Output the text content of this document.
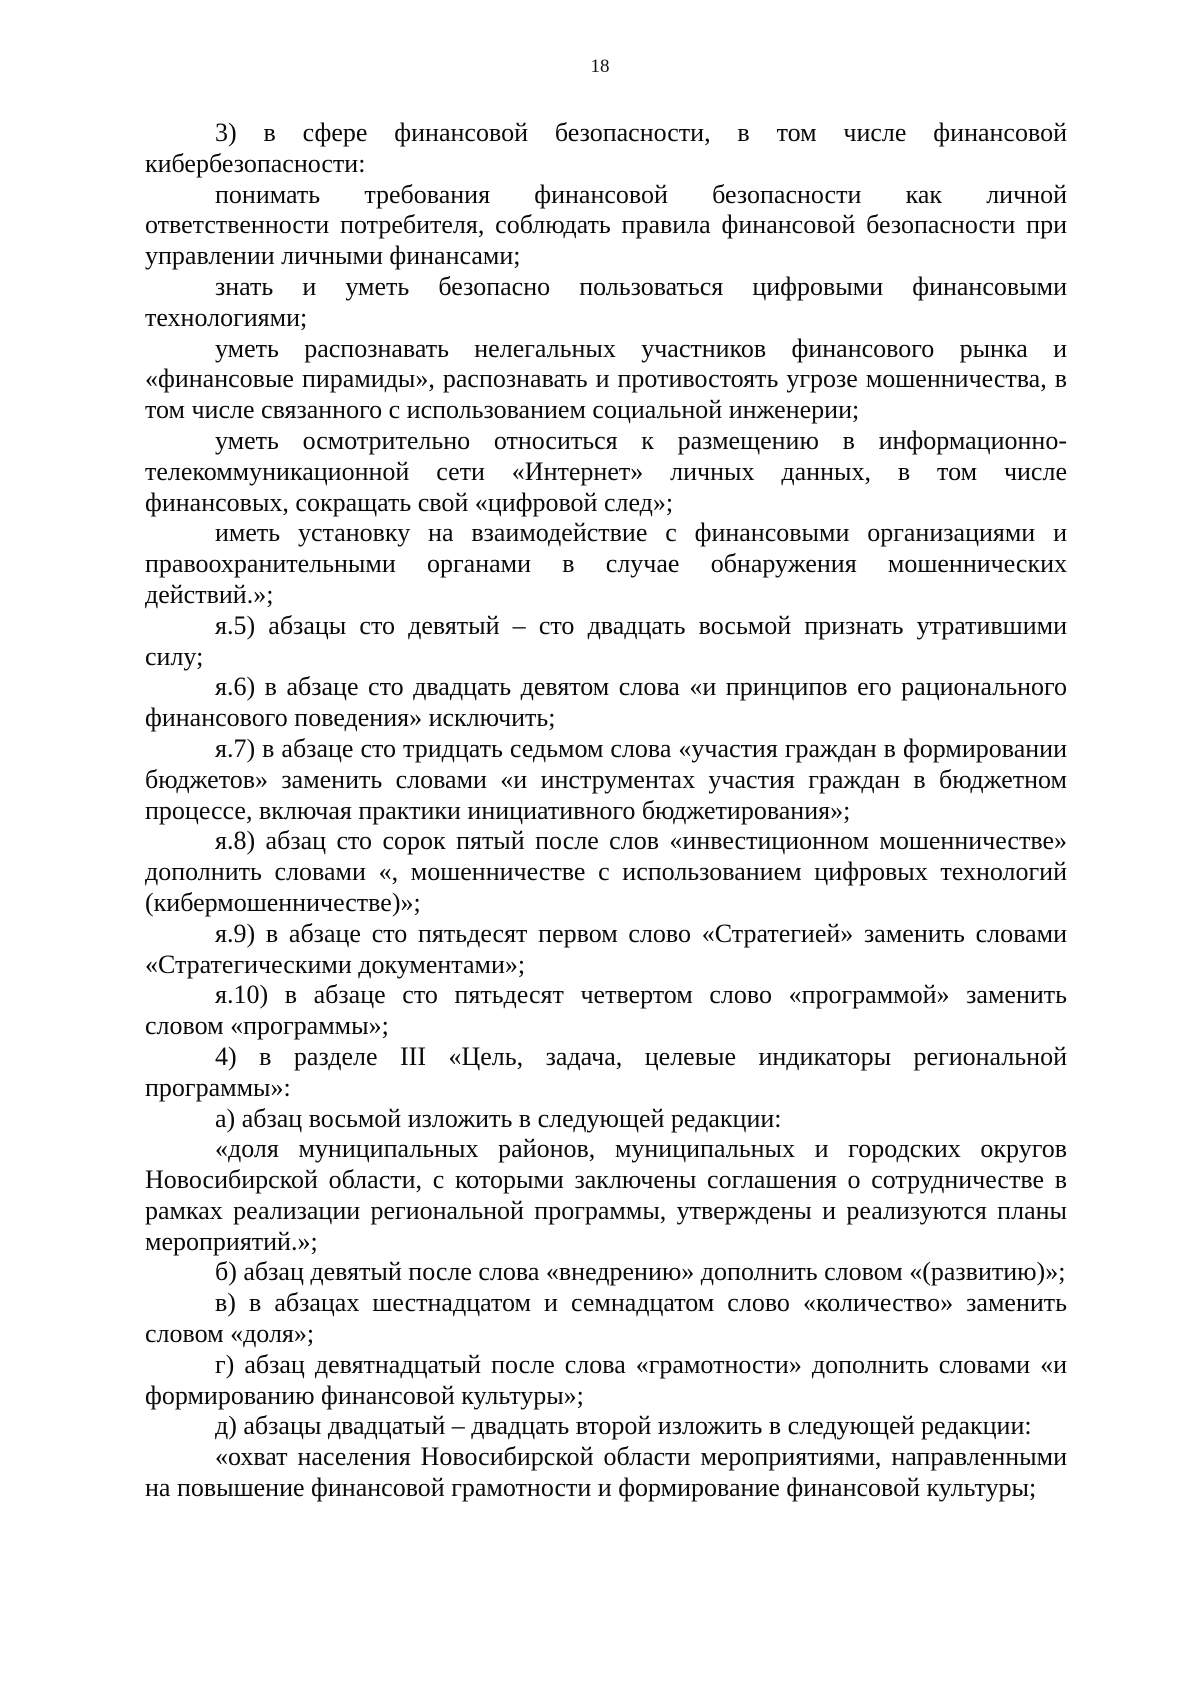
18

3) в сфере финансовой безопасности, в том числе финансовой кибербезопасности:

понимать требования финансовой безопасности как личной ответственности потребителя, соблюдать правила финансовой безопасности при управлении личными финансами;

знать и уметь безопасно пользоваться цифровыми финансовыми технологиями;

уметь распознавать нелегальных участников финансового рынка и «финансовые пирамиды», распознавать и противостоять угрозе мошенничества, в том числе связанного с использованием социальной инженерии;

уметь осмотрительно относиться к размещению в информационно-телекоммуникационной сети «Интернет» личных данных, в том числе финансовых, сокращать свой «цифровой след»;

иметь установку на взаимодействие с финансовыми организациями и правоохранительными органами в случае обнаружения мошеннических действий.»;

я.5) абзацы сто девятый – сто двадцать восьмой признать утратившими силу;

я.6) в абзаце сто двадцать девятом слова «и принципов его рационального финансового поведения» исключить;

я.7) в абзаце сто тридцать седьмом слова «участия граждан в формировании бюджетов» заменить словами «и инструментах участия граждан в бюджетном процессе, включая практики инициативного бюджетирования»;

я.8) абзац сто сорок пятый после слов «инвестиционном мошенничестве» дополнить словами «, мошенничестве с использованием цифровых технологий (кибермошенничестве)»;

я.9) в абзаце сто пятьдесят первом слово «Стратегией» заменить словами «Стратегическими документами»;

я.10) в абзаце сто пятьдесят четвертом слово «программой» заменить словом «программы»;

4) в разделе III «Цель, задача, целевые индикаторы региональной программы»:

а) абзац восьмой изложить в следующей редакции:

«доля муниципальных районов, муниципальных и городских округов Новосибирской области, с которыми заключены соглашения о сотрудничестве в рамках реализации региональной программы, утверждены и реализуются планы мероприятий.»;

б) абзац девятый после слова «внедрению» дополнить словом «(развитию)»;

в) в абзацах шестнадцатом и семнадцатом слово «количество» заменить словом «доля»;

г) абзац девятнадцатый после слова «грамотности» дополнить словами «и формированию финансовой культуры»;

д) абзацы двадцатый – двадцать второй изложить в следующей редакции:

«охват населения Новосибирской области мероприятиями, направленными на повышение финансовой грамотности и формирование финансовой культуры;
